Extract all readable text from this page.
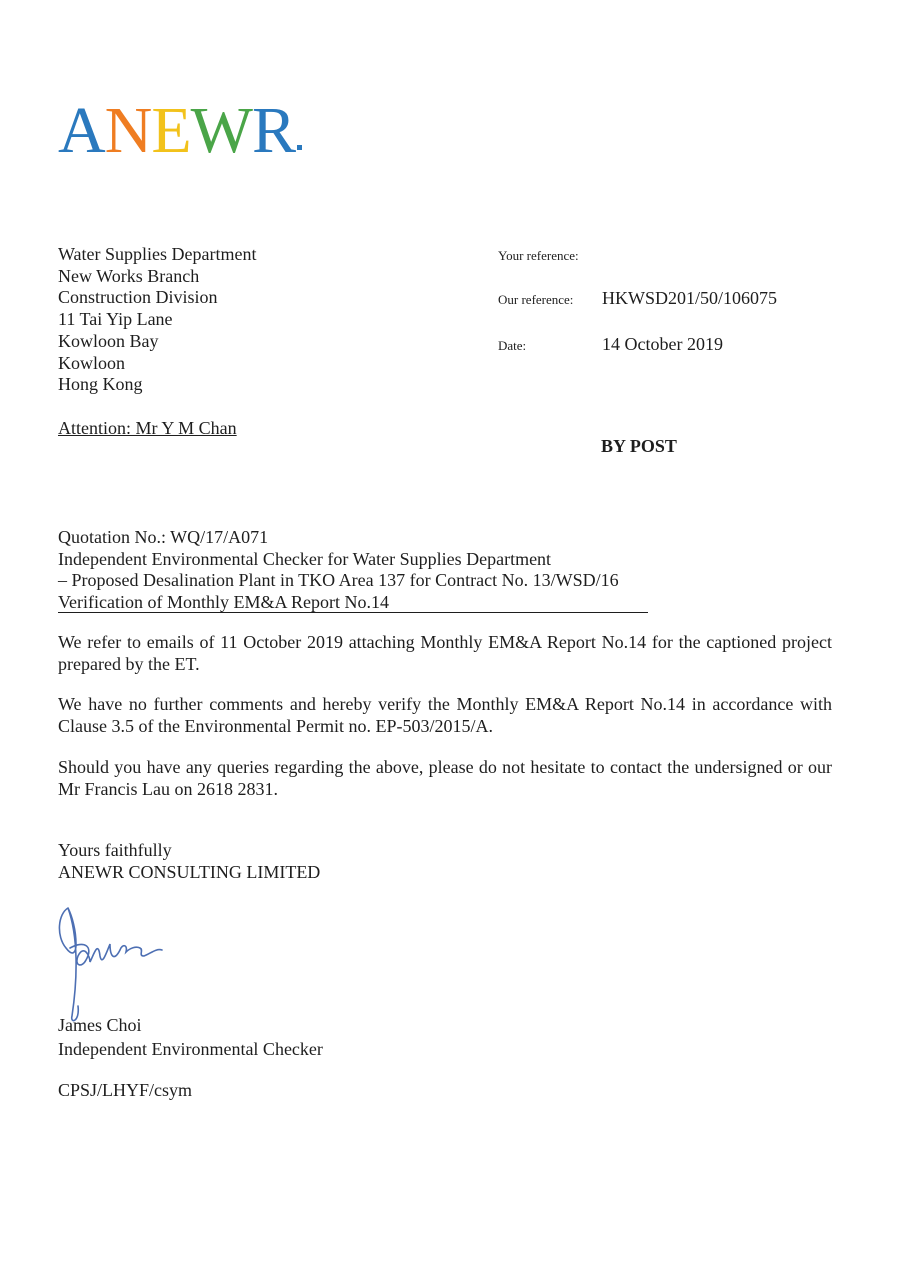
ANEWR
Water Supplies Department
New Works Branch
Construction Division
11 Tai Yip Lane
Kowloon Bay
Kowloon
Hong Kong
Attention: Mr Y M Chan
Your reference:
Our reference: HKWSD201/50/106075
Date:	14 October 2019
BY POST
Quotation No.: WQ/17/A071
Independent Environmental Checker for Water Supplies Department
– Proposed Desalination Plant in TKO Area 137 for Contract No. 13/WSD/16
Verification of Monthly EM&A Report No.14
We refer to emails of 11 October 2019 attaching Monthly EM&A Report No.14 for the captioned project prepared by the ET.
We have no further comments and hereby verify the Monthly EM&A Report No.14 in accordance with Clause 3.5 of the Environmental Permit no. EP-503/2015/A.
Should you have any queries regarding the above, please do not hesitate to contact the undersigned or our Mr Francis Lau on 2618 2831.
Yours faithfully
ANEWR CONSULTING LIMITED
James Choi
Independent Environmental Checker
CPSJ/LHYF/csym
